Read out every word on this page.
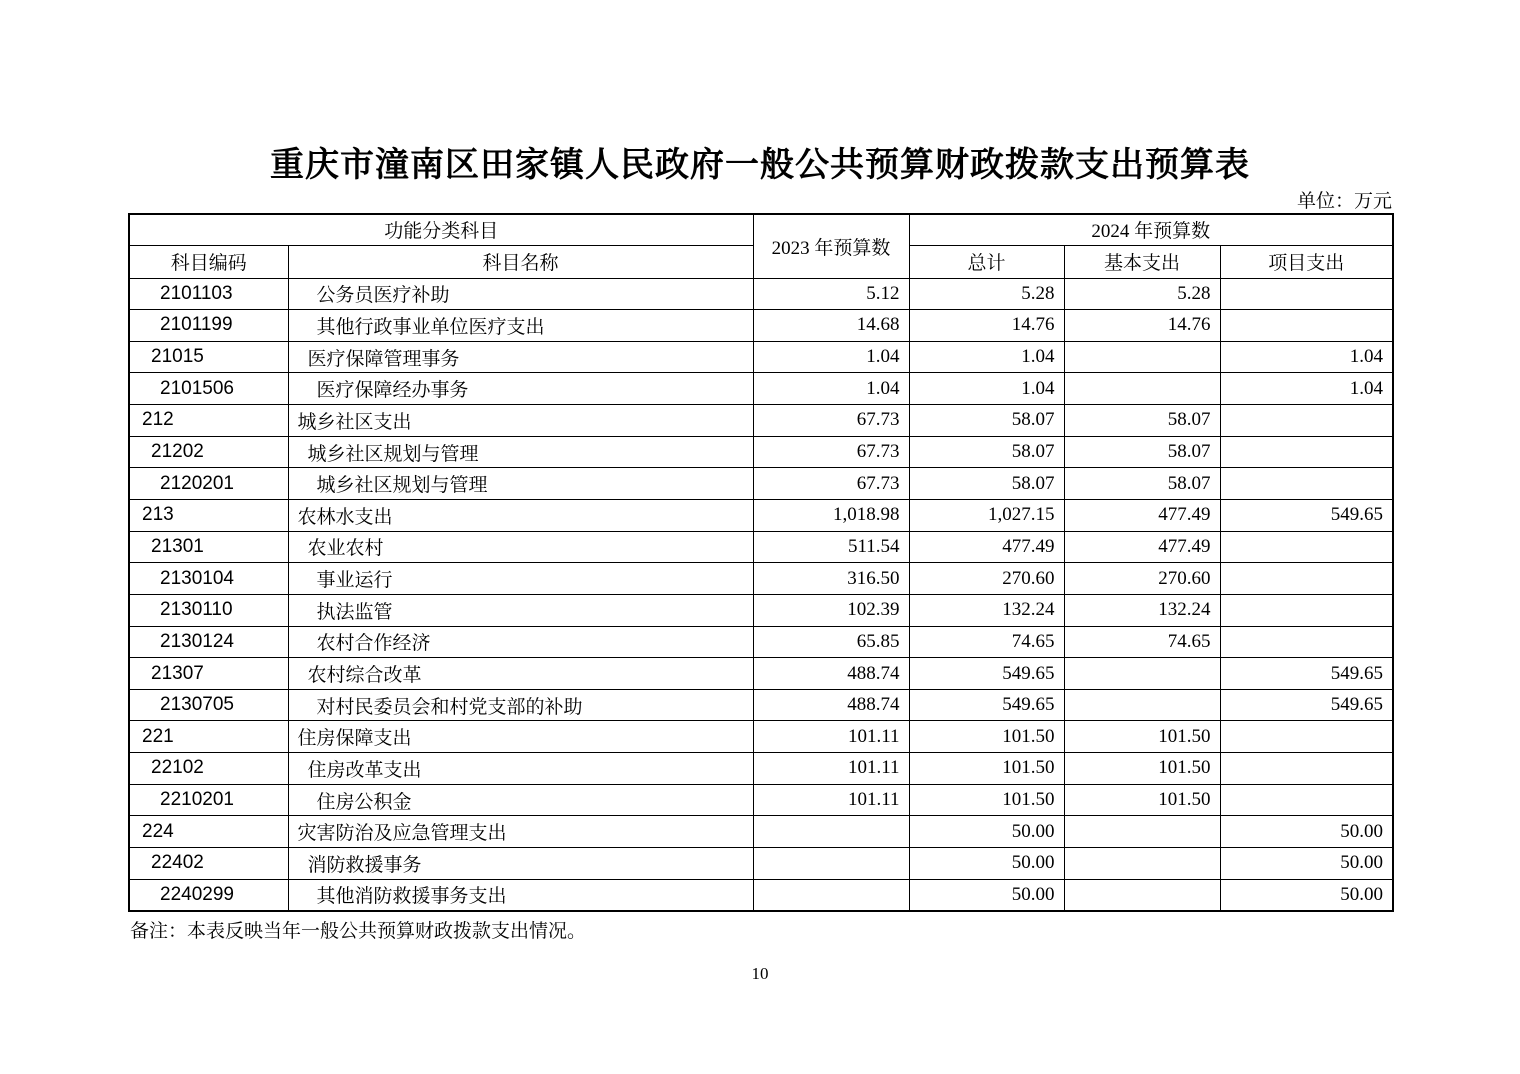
重庆市潼南区田家镇人民政府一般公共预算财政拨款支出预算表
单位：万元
功能分类科目		2023 年预算数	2024 年预算数		
科目编码	科目名称		总计	基本支出	项目支出
2101103	公务员医疗补助	5.12	5.28	5.28	
2101199	其他行政事业单位医疗支出	14.68	14.76	14.76	
21015	医疗保障管理事务	1.04	1.04		1.04
2101506	医疗保障经办事务	1.04	1.04		1.04
212	城乡社区支出	67.73	58.07	58.07	
21202	城乡社区规划与管理	67.73	58.07	58.07	
2120201	城乡社区规划与管理	67.73	58.07	58.07	
213	农林水支出	1,018.98	1,027.15	477.49	549.65
21301	农业农村	511.54	477.49	477.49	
2130104	事业运行	316.50	270.60	270.60	
2130110	执法监管	102.39	132.24	132.24	
2130124	农村合作经济	65.85	74.65	74.65	
21307	农村综合改革	488.74	549.65		549.65
2130705	对村民委员会和村党支部的补助	488.74	549.65		549.65
221	住房保障支出	101.11	101.50	101.50	
22102	住房改革支出	101.11	101.50	101.50	
2210201	住房公积金	101.11	101.50	101.50	
224	灾害防治及应急管理支出		50.00		50.00
22402	消防救援事务		50.00		50.00
2240299	其他消防救援事务支出		50.00		50.00
备注：本表反映当年一般公共预算财政拨款支出情况。
10
